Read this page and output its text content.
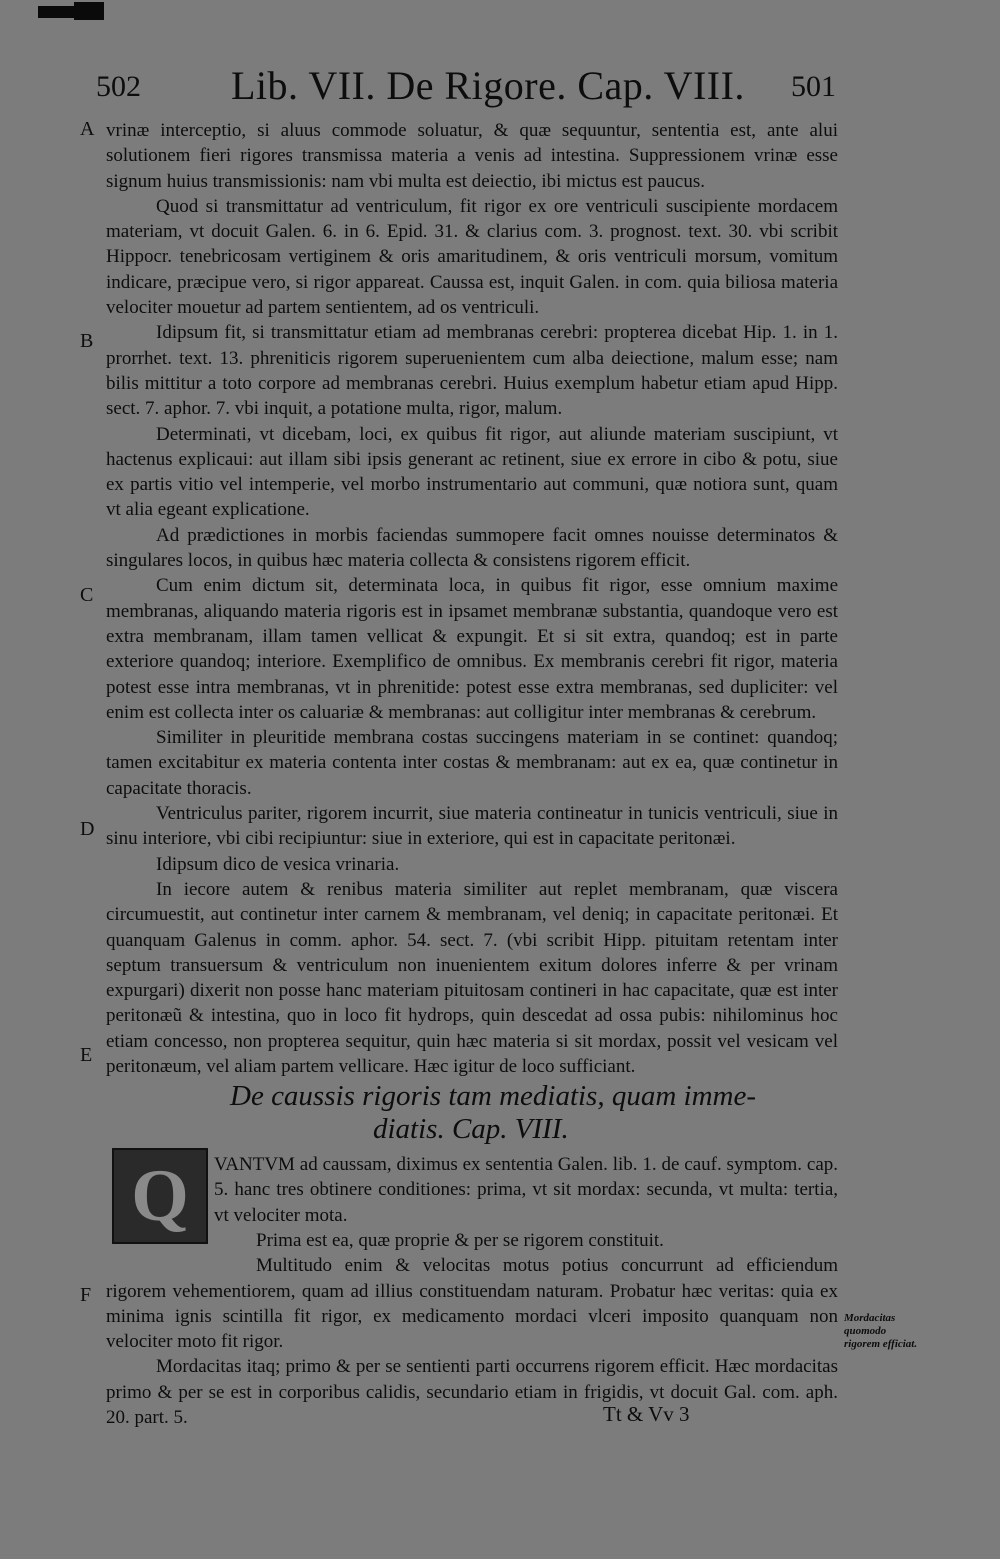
502 Lib. VII. De Rigore. Cap. VIII. 501
A
B
C
D
E
F

vrinæ interceptio, si aluus commode soluatur, & quæ sequuntur, sententia est, ante alui solutionem fieri rigores transmissa materia a venis ad intestina. Suppressionem vrinæ esse signum huius transmissionis: nam vbi multa est deiectio, ibi mictus est paucus.

Quod si transmittatur ad ventriculum, fit rigor ex ore ventriculi suscipiente mordacem materiam, vt docuit Galen. 6. in 6. Epid. 31. & clarius com. 3. prognost. text. 30. vbi scribit Hippocr. tenebricosam vertiginem & oris amaritudinem, & oris ventriculi morsum, vomitum indicare, præcipue vero, si rigor appareat. Caussa est, inquit Galen. in com. quia biliosa materia velociter mouetur ad partem sentientem, ad os ventriculi.

Idipsum fit, si transmittatur etiam ad membranas cerebri: propterea dicebat Hip. 1. in 1. prorrhet. text. 13. phreniticis rigorem superuenientem cum alba deiectione, malum esse; nam bilis mittitur a toto corpore ad membranas cerebri. Huius exemplum habetur etiam apud Hipp. sect. 7. aphor. 7. vbi inquit, a potatione multa, rigor, malum.

Determinati, vt dicebam, loci, ex quibus fit rigor, aut aliunde materiam suscipiunt, vt hactenus explicaui: aut illam sibi ipsis generant ac retinent, siue ex errore in cibo & potu, siue ex partis vitio vel intemperie, vel morbo instrumentario aut communi, quæ notiora sunt, quam vt alia egeant explicatione.

Ad prædictiones in morbis faciendas summopere facit omnes nouisse determinatos & singulares locos, in quibus hæc materia collecta & consistens rigorem efficit.

Cum enim dictum sit, determinata loca, in quibus fit rigor, esse omnium maxime membranas, aliquando materia rigoris est in ipsamet membranæ substantia, quandoque vero est extra membranam, illam tamen vellicat & expungit. Et si sit extra, quandoq; est in parte exteriore quandoq; interiore. Exemplifico de omnibus. Ex membranis cerebri fit rigor, materia potest esse intra membranas, vt in phrenitide: potest esse extra membranas, sed dupliciter: vel enim est collecta inter os caluariæ & membranas: aut colligitur inter membranas & cerebrum.

Similiter in pleuritide membrana costas succingens materiam in se continet: quandoq; tamen excitabitur ex materia contenta inter costas & membranam: aut ex ea, quæ continetur in capacitate thoracis.

Ventriculus pariter, rigorem incurrit, siue materia contineatur in tunicis ventriculi, siue in sinu interiore, vbi cibi recipiuntur: siue in exteriore, qui est in capacitate peritonæi.

Idipsum dico de vesica vrinaria.

In iecore autem & renibus materia similiter aut replet membranam, quæ viscera circumuestit, aut continetur inter carnem & membranam, vel deniq; in capacitate peritonæi. Et quanquam Galenus in comm. aphor. 54. sect. 7. (vbi scribit Hipp. pituitam retentam inter septum transuersum & ventriculum non inuenientem exitum dolores inferre & per vrinam expurgari) dixerit non posse hanc materiam pituitosam contineri in hac capacitate, quæ est inter peritonæũ & intestina, quo in loco fit hydrops, quin descedat ad ossa pubis: nihilominus hoc etiam concesso, non propterea sequitur, quin hæc materia si sit mordax, possit vel vesicam vel peritonæum, vel aliam partem vellicare. Hæc igitur de loco sufficiant.

De caussis rigoris tam mediatis, quam imme-
diatis. Cap. VIII.
Q	VANTVM ad caussam, diximus ex sententia Galen. lib. 1. de cauf. symptom. cap. 5. hanc tres obtinere conditiones: prima, vt sit mordax: secunda, vt multa: tertia, vt velociter mota.

Prima est ea, quæ proprie & per se rigorem constituit.

Multitudo enim & velocitas motus potius concurrunt ad efficiendum rigorem vehementiorem, quam ad illius constituendam naturam. Probatur hæc veritas: quia ex minima ignis scintilla fit rigor, ex medicamento mordaci vlceri imposito quanquam non velociter moto fit rigor.

Mordacitas itaq; primo & per se sentienti parti occurrens rigorem efficit. Hæc mordacitas primo & per se est in corporibus calidis, secundario etiam in frigidis, vt docuit Gal. com. aph. 20. part. 5.

Mordacitas quomodo rigorem efficiat.
Tt & Vv 3
